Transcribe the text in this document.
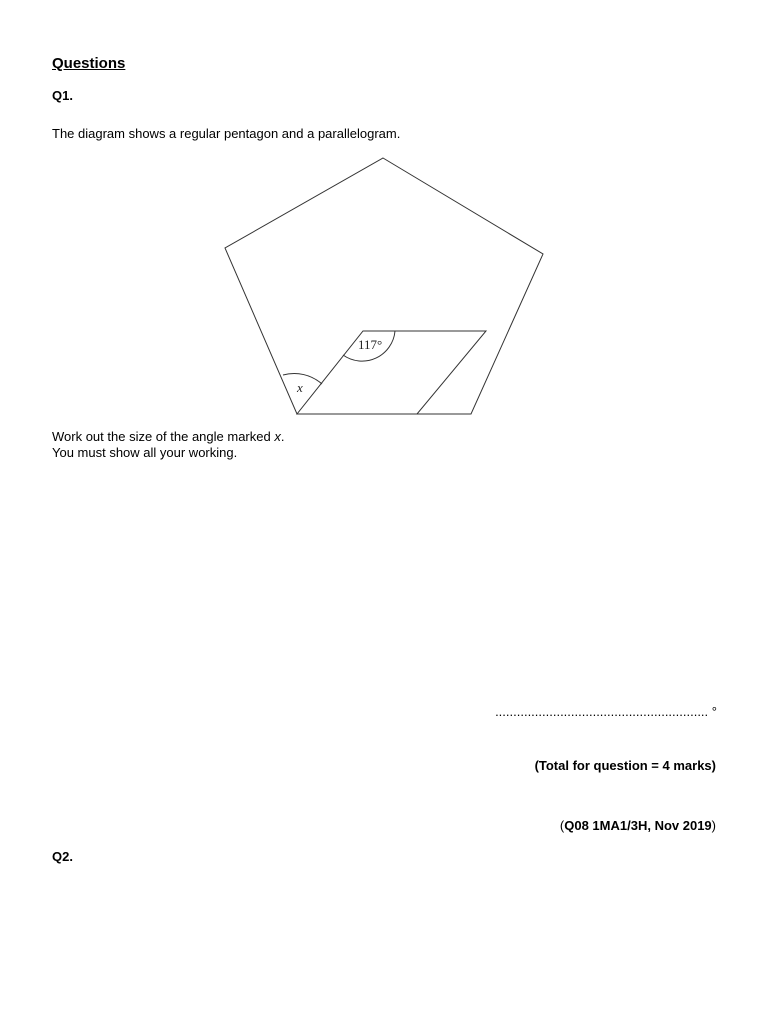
Questions
Q1.

The diagram shows a regular pentagon and a parallelogram.

117°
x
Work out the size of the angle marked x.
You must show all your working.
........................................................... °
(Total for question = 4 marks)
(Q08 1MA1/3H, Nov 2019)
Q2.
